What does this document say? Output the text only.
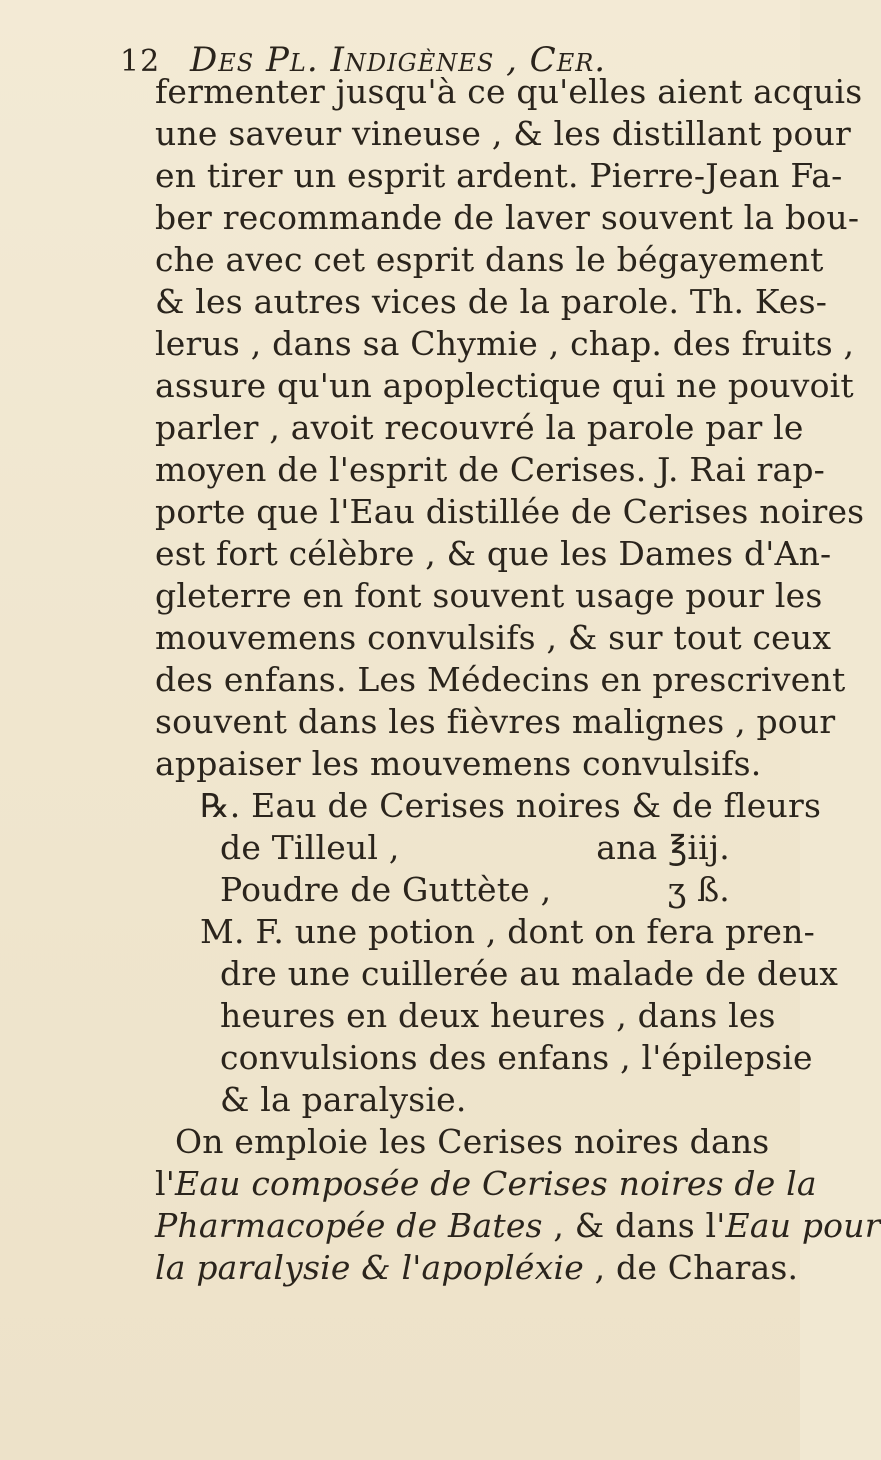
12 Des Pl. Indigènes , Cer.
fermenter jusqu'à ce qu'elles aient acquis
une saveur vineuse , & les distillant pour
en tirer un esprit ardent. Pierre-Jean Fa-
ber recommande de laver souvent la bou-
che avec cet esprit dans le bégayement
& les autres vices de la parole. Th. Kes-
lerus , dans sa Chymie , chap. des fruits ,
assure qu'un apoplectique qui ne pouvoit
parler , avoit recouvré la parole par le
moyen de l'esprit de Cerises. J. Rai rap-
porte que l'Eau distillée de Cerises noires
est fort célèbre , & que les Dames d'An-
gleterre en font souvent usage pour les
mouvemens convulsifs , & sur tout ceux
des enfans. Les Médecins en prescrivent
souvent dans les fièvres malignes , pour
appaiser les mouvemens convulsifs.
℞. Eau de Cerises noires & de fleurs
de Tilleul ,	ana ℥iij.
Poudre de Guttète ,	ʒ ß.
M. F. une potion , dont on fera pren-
dre une cuillerée au malade de deux
heures en deux heures , dans les
convulsions des enfans , l'épilepsie
& la paralysie.
On emploie les Cerises noires dans
l'Eau composée de Cerises noires de la
Pharmacopée de Bates , & dans l'Eau pour
la paralysie & l'apopléxie , de Charas.
